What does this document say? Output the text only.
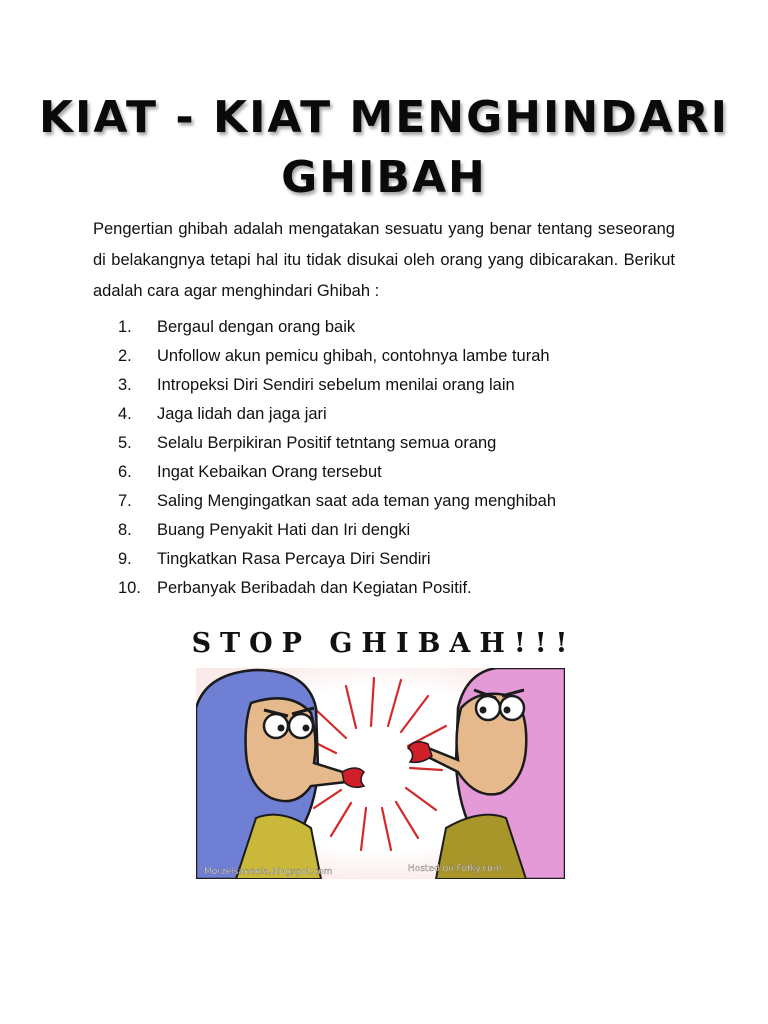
KIAT - KIAT MENGHINDARI
GHIBAH

Pengertian ghibah adalah mengatakan sesuatu yang benar tentang seseorang di belakangnya tetapi hal itu tidak disukai oleh orang yang dibicarakan. Berikut adalah cara agar menghindari Ghibah :

1.	Bergaul dengan orang baik
2.	Unfollow akun pemicu ghibah, contohnya lambe turah
3.	Intropeksi Diri Sendiri sebelum menilai orang lain
4.	Jaga lidah dan jaga jari
5.	Selalu Berpikiran Positif tetntang semua orang
6.	Ingat Kebaikan Orang tersebut
7.	Saling Mengingatkan saat ada teman yang menghibah
8.	Buang Penyakit Hati dan Iri dengki
9.	Tingkatkan Rasa Percaya Diri Sendiri
10. Perbanyak Beribadah dan Kegiatan Positif.
STOP GHIBAH!!!
Morzelsaneela.blogspot.com	Hosted on Fotky.com
